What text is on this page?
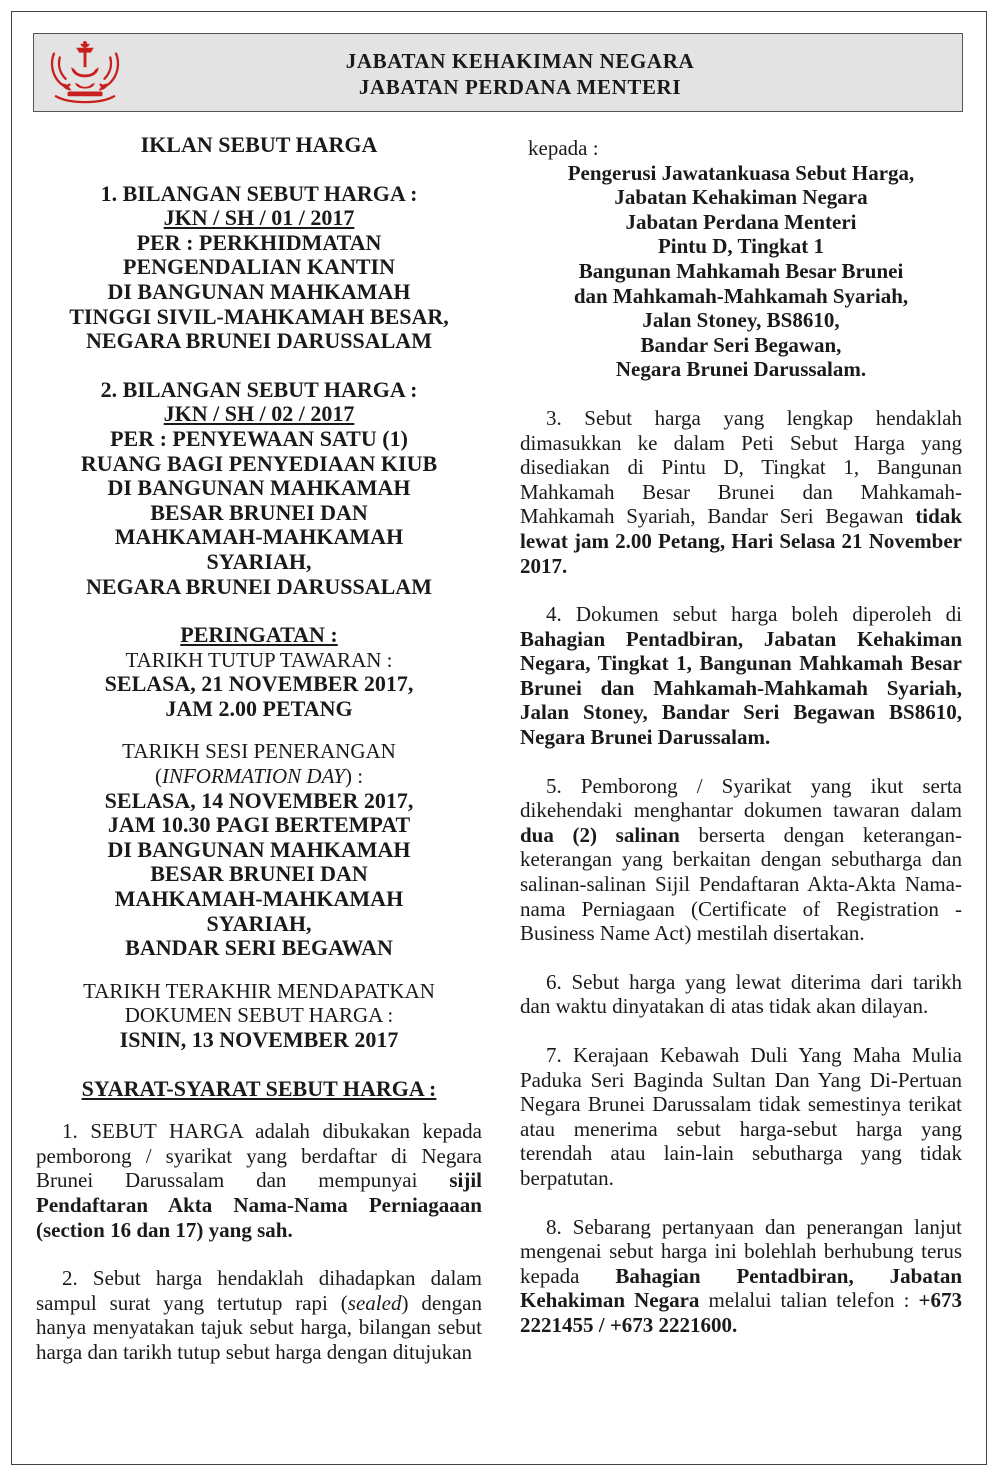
JABATAN KEHAKIMAN NEGARA
JABATAN PERDANA MENTERI
IKLAN SEBUT HARGA
1. BILANGAN SEBUT HARGA :
JKN / SH / 01 / 2017
PER : PERKHIDMATAN
PENGENDALIAN KANTIN
DI BANGUNAN MAHKAMAH
TINGGI SIVIL-MAHKAMAH BESAR,
NEGARA BRUNEI DARUSSALAM
2. BILANGAN SEBUT HARGA :
JKN / SH / 02 / 2017
PER : PENYEWAAN SATU (1)
RUANG BAGI PENYEDIAAN KIUB
DI BANGUNAN MAHKAMAH
BESAR BRUNEI DAN
MAHKAMAH-MAHKAMAH
SYARIAH,
NEGARA BRUNEI DARUSSALAM
PERINGATAN :
TARIKH TUTUP TAWARAN :
SELASA, 21 NOVEMBER 2017,
JAM 2.00 PETANG
TARIKH SESI PENERANGAN
(INFORMATION DAY) :
SELASA, 14 NOVEMBER 2017,
JAM 10.30 PAGI BERTEMPAT
DI BANGUNAN MAHKAMAH
BESAR BRUNEI DAN
MAHKAMAH-MAHKAMAH
SYARIAH,
BANDAR SERI BEGAWAN
TARIKH TERAKHIR MENDAPATKAN
DOKUMEN SEBUT HARGA :
ISNIN, 13 NOVEMBER 2017
SYARAT-SYARAT SEBUT HARGA :
1. SEBUT HARGA adalah dibukakan kepada pemborong / syarikat yang berdaftar di Negara Brunei Darussalam dan mempunyai sijil Pendaftaran Akta Nama-Nama Perniagaaan (section 16 dan 17) yang sah.
2. Sebut harga hendaklah dihadapkan dalam sampul surat yang tertutup rapi (sealed) dengan hanya menyatakan tajuk sebut harga, bilangan sebut harga dan tarikh tutup sebut harga dengan ditujukan
kepada :
Pengerusi Jawatankuasa Sebut Harga,
Jabatan Kehakiman Negara
Jabatan Perdana Menteri
Pintu D, Tingkat 1
Bangunan Mahkamah Besar Brunei
dan Mahkamah-Mahkamah Syariah,
Jalan Stoney, BS8610,
Bandar Seri Begawan,
Negara Brunei Darussalam.
3. Sebut harga yang lengkap hendaklah dimasukkan ke dalam Peti Sebut Harga yang disediakan di Pintu D, Tingkat 1, Bangunan Mahkamah Besar Brunei dan Mahkamah-Mahkamah Syariah, Bandar Seri Begawan tidak lewat jam 2.00 Petang, Hari Selasa 21 November 2017.
4. Dokumen sebut harga boleh diperoleh di Bahagian Pentadbiran, Jabatan Kehakiman Negara, Tingkat 1, Bangunan Mahkamah Besar Brunei dan Mahkamah-Mahkamah Syariah, Jalan Stoney, Bandar Seri Begawan BS8610, Negara Brunei Darussalam.
5. Pemborong / Syarikat yang ikut serta dikehendaki menghantar dokumen tawaran dalam dua (2) salinan berserta dengan keterangan-keterangan yang berkaitan dengan sebutharga dan salinan-salinan Sijil Pendaftaran Akta-Akta Nama-nama Perniagaan (Certificate of Registration - Business Name Act) mestilah disertakan.
6. Sebut harga yang lewat diterima dari tarikh dan waktu dinyatakan di atas tidak akan dilayan.
7. Kerajaan Kebawah Duli Yang Maha Mulia Paduka Seri Baginda Sultan Dan Yang Di-Pertuan Negara Brunei Darussalam tidak semestinya terikat atau menerima sebut harga-sebut harga yang terendah atau lain-lain sebutharga yang tidak berpatutan.
8. Sebarang pertanyaan dan penerangan lanjut mengenai sebut harga ini bolehlah berhubung terus kepada Bahagian Pentadbiran, Jabatan Kehakiman Negara melalui talian telefon : +673 2221455 / +673 2221600.
